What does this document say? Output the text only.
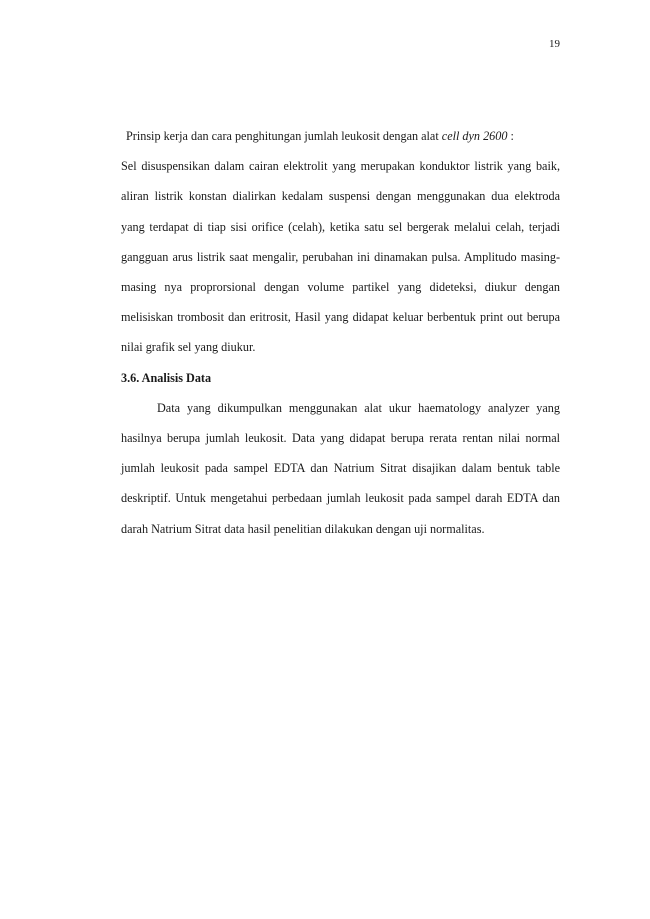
19

Prinsip kerja dan cara penghitungan jumlah leukosit dengan alat cell dyn 2600 :
Sel disuspensikan dalam cairan elektrolit yang merupakan konduktor listrik yang baik, aliran listrik konstan dialirkan kedalam suspensi dengan menggunakan dua elektroda yang terdapat di tiap sisi orifice (celah), ketika satu sel bergerak melalui celah, terjadi gangguan arus listrik saat mengalir, perubahan ini dinamakan pulsa. Amplitudo masing-masing nya proprorsional dengan volume partikel yang dideteksi, diukur dengan melisiskan trombosit dan eritrosit, Hasil yang didapat keluar berbentuk print out berupa nilai grafik sel yang diukur.

3.6. Analisis Data

Data yang dikumpulkan menggunakan alat ukur haematology analyzer yang hasilnya berupa jumlah leukosit. Data yang didapat berupa rerata rentan nilai normal jumlah leukosit pada sampel EDTA dan Natrium Sitrat disajikan dalam bentuk table deskriptif. Untuk mengetahui perbedaan jumlah leukosit pada sampel darah EDTA dan darah Natrium Sitrat data hasil penelitian dilakukan dengan uji normalitas.
